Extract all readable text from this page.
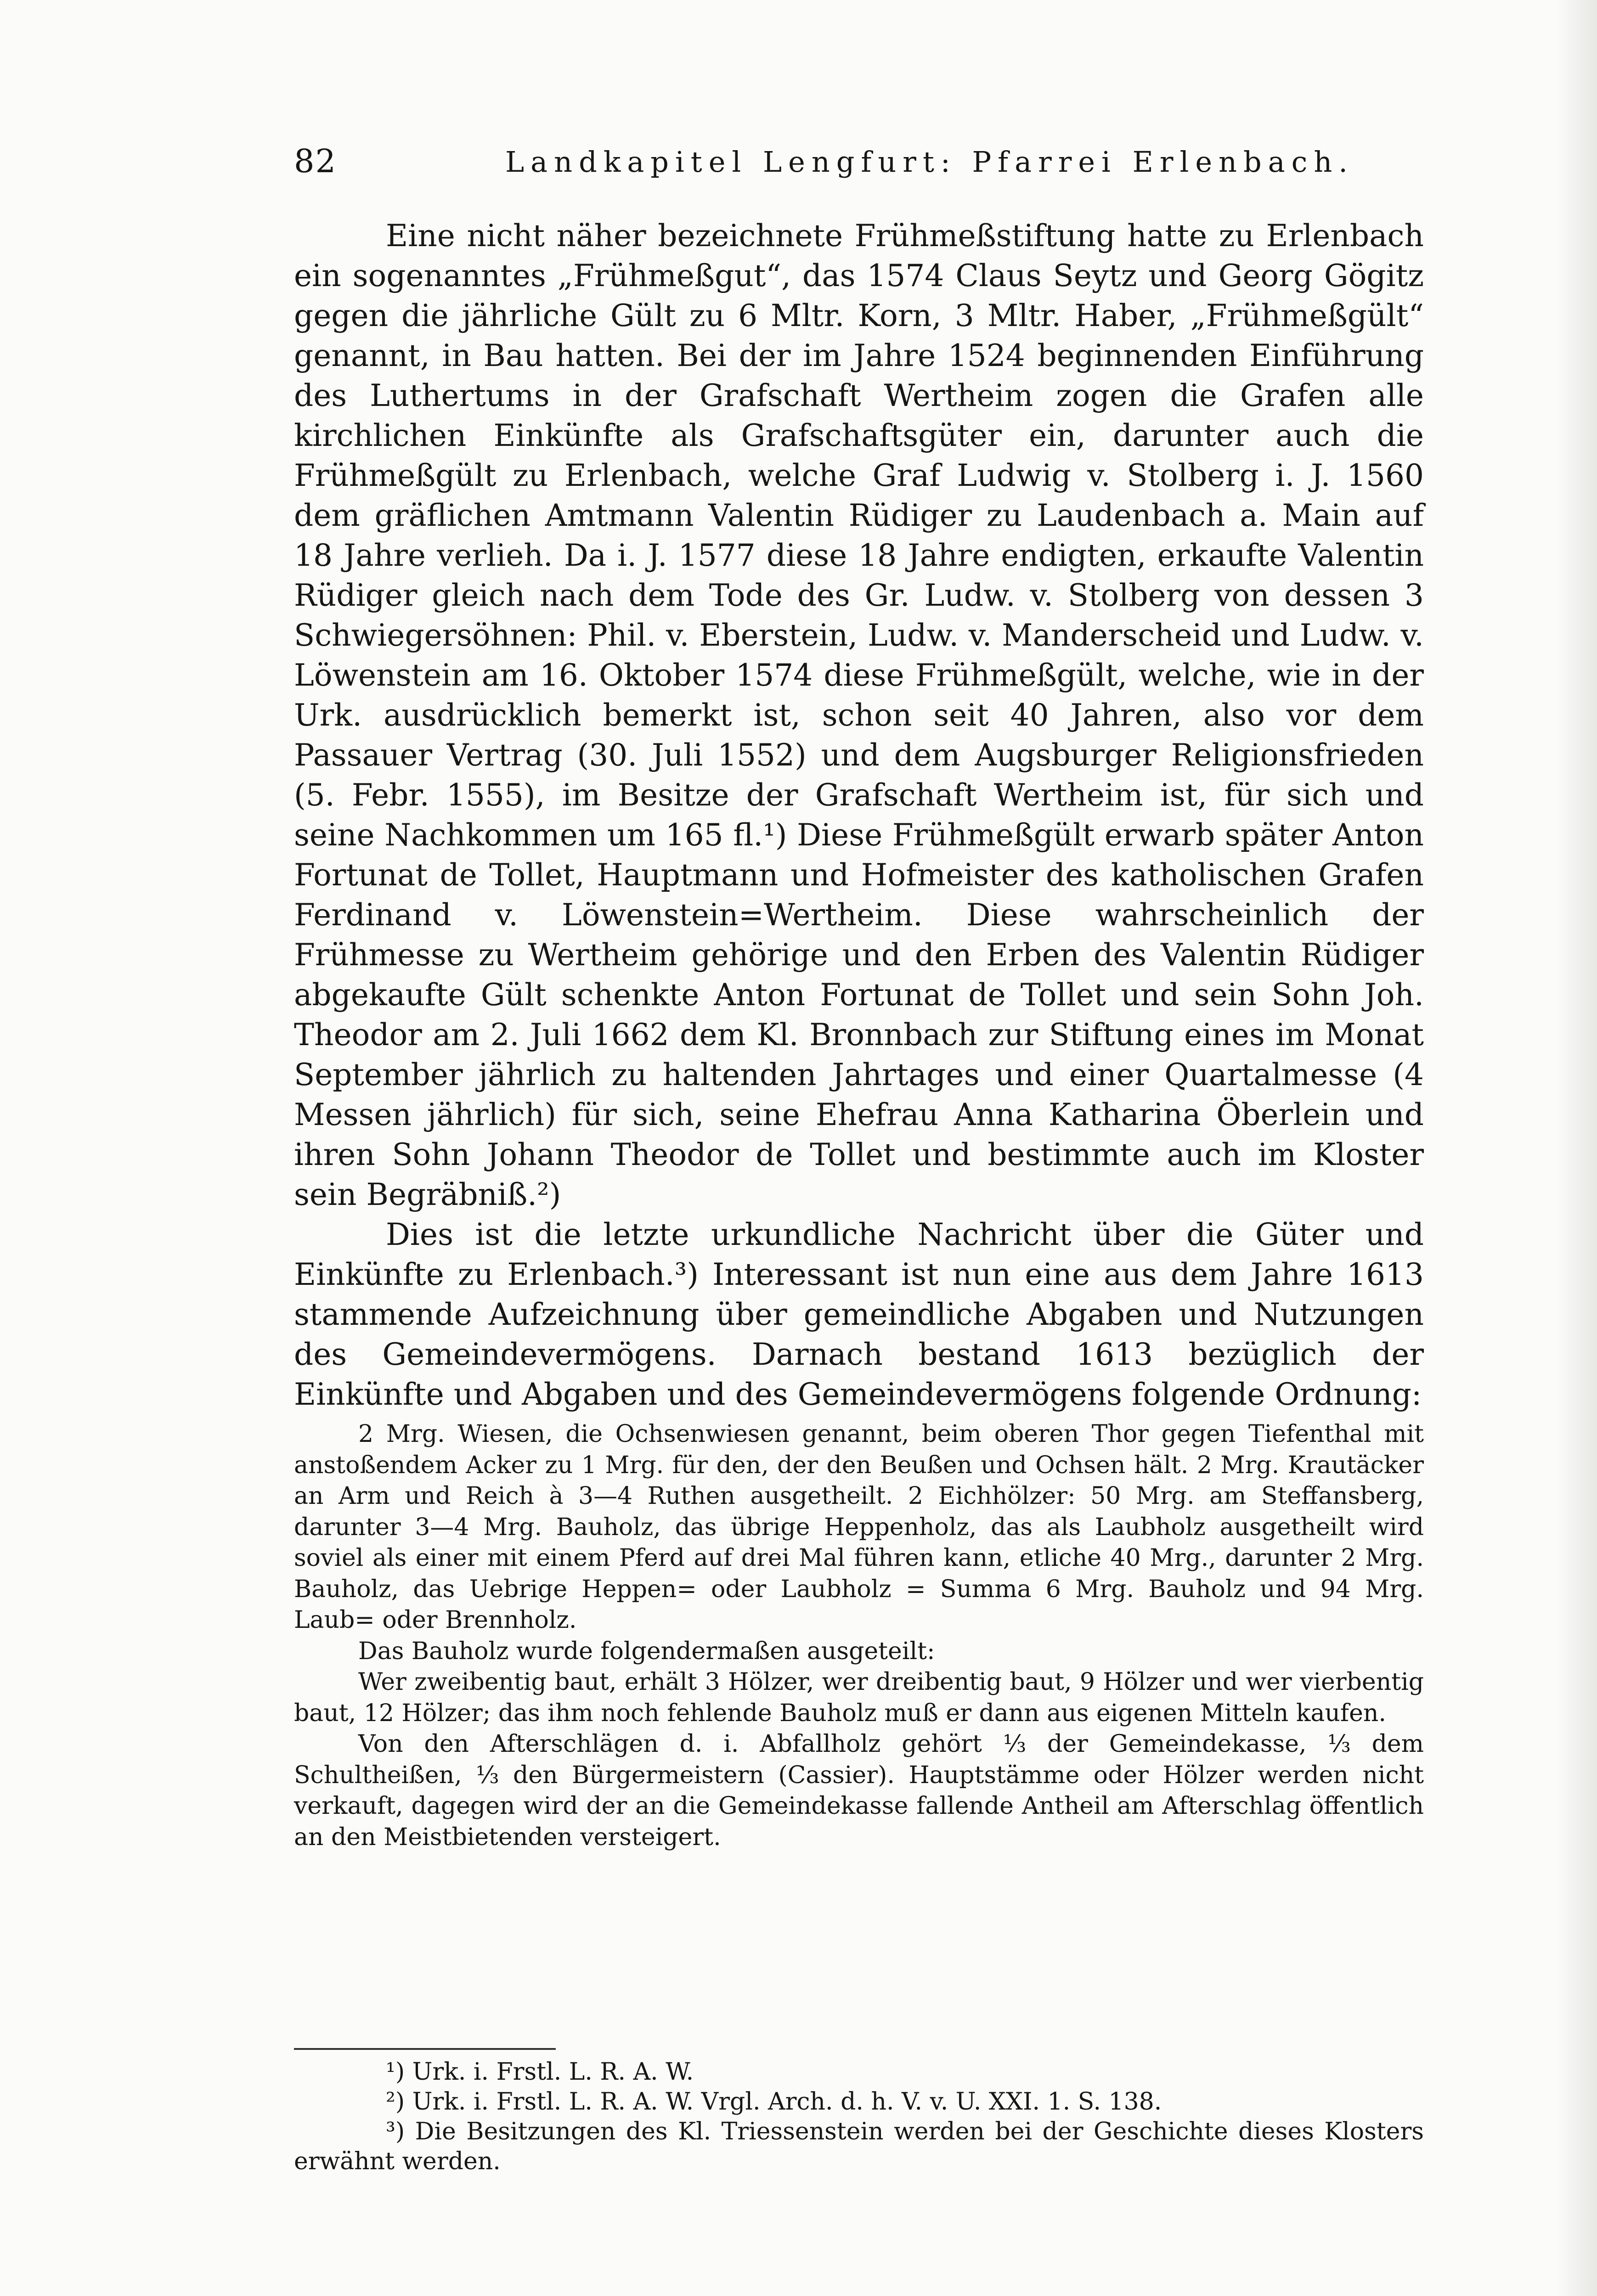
82	Landkapitel Lengfurt: Pfarrei Erlenbach.

Eine nicht näher bezeichnete Frühmeßstiftung hatte zu Erlenbach ein sogenanntes „Frühmeßgut“, das 1574 Claus Seytz und Georg Gögitz gegen die jährliche Gült zu 6 Mltr. Korn, 3 Mltr. Haber, „Frühmeßgült“ genannt, in Bau hatten. Bei der im Jahre 1524 beginnenden Einführung des Luthertums in der Grafschaft Wertheim zogen die Grafen alle kirchlichen Einkünfte als Grafschaftsgüter ein, darunter auch die Frühmeßgült zu Erlenbach, welche Graf Ludwig v. Stolberg i. J. 1560 dem gräflichen Amtmann Valentin Rüdiger zu Laudenbach a. Main auf 18 Jahre verlieh. Da i. J. 1577 diese 18 Jahre endigten, erkaufte Valentin Rüdiger gleich nach dem Tode des Gr. Ludw. v. Stolberg von dessen 3 Schwiegersöhnen: Phil. v. Eberstein, Ludw. v. Manderscheid und Ludw. v. Löwenstein am 16. Oktober 1574 diese Frühmeßgült, welche, wie in der Urk. ausdrücklich bemerkt ist, schon seit 40 Jahren, also vor dem Passauer Vertrag (30. Juli 1552) und dem Augsburger Religionsfrieden (5. Febr. 1555), im Besitze der Grafschaft Wertheim ist, für sich und seine Nachkommen um 165 fl.¹) Diese Frühmeßgült erwarb später Anton Fortunat de Tollet, Hauptmann und Hofmeister des katholischen Grafen Ferdinand v. Löwenstein=Wertheim. Diese wahrscheinlich der Frühmesse zu Wertheim gehörige und den Erben des Valentin Rüdiger abgekaufte Gült schenkte Anton Fortunat de Tollet und sein Sohn Joh. Theodor am 2. Juli 1662 dem Kl. Bronnbach zur Stiftung eines im Monat September jährlich zu haltenden Jahrtages und einer Quartalmesse (4 Messen jährlich) für sich, seine Ehefrau Anna Katharina Öberlein und ihren Sohn Johann Theodor de Tollet und bestimmte auch im Kloster sein Begräbniß.²)

Dies ist die letzte urkundliche Nachricht über die Güter und Einkünfte zu Erlenbach.³) Interessant ist nun eine aus dem Jahre 1613 stammende Aufzeichnung über gemeindliche Abgaben und Nutzungen des Gemeindevermögens. Darnach bestand 1613 bezüglich der Einkünfte und Abgaben und des Gemeindevermögens folgende Ordnung:

2 Mrg. Wiesen, die Ochsenwiesen genannt, beim oberen Thor gegen Tiefenthal mit anstoßendem Acker zu 1 Mrg. für den, der den Beußen und Ochsen hält. 2 Mrg. Krautäcker an Arm und Reich à 3—4 Ruthen ausgetheilt. 2 Eichhölzer: 50 Mrg. am Steffansberg, darunter 3—4 Mrg. Bauholz, das übrige Heppenholz, das als Laubholz ausgetheilt wird soviel als einer mit einem Pferd auf drei Mal führen kann, etliche 40 Mrg., darunter 2 Mrg. Bauholz, das Uebrige Heppen= oder Laubholz = Summa 6 Mrg. Bauholz und 94 Mrg. Laub= oder Brennholz.

Das Bauholz wurde folgendermaßen ausgeteilt:

Wer zweibentig baut, erhält 3 Hölzer, wer dreibentig baut, 9 Hölzer und wer vierbentig baut, 12 Hölzer; das ihm noch fehlende Bauholz muß er dann aus eigenen Mitteln kaufen.

Von den Afterschlägen d. i. Abfallholz gehört ⅓ der Gemeindekasse, ⅓ dem Schultheißen, ⅓ den Bürgermeistern (Cassier). Hauptstämme oder Hölzer werden nicht verkauft, dagegen wird der an die Gemeindekasse fallende Antheil am Afterschlag öffentlich an den Meistbietenden versteigert.

¹) Urk. i. Frstl. L. R. A. W.

²) Urk. i. Frstl. L. R. A. W. Vrgl. Arch. d. h. V. v. U. XXI. 1. S. 138.

³) Die Besitzungen des Kl. Triessenstein werden bei der Geschichte dieses Klosters erwähnt werden.
